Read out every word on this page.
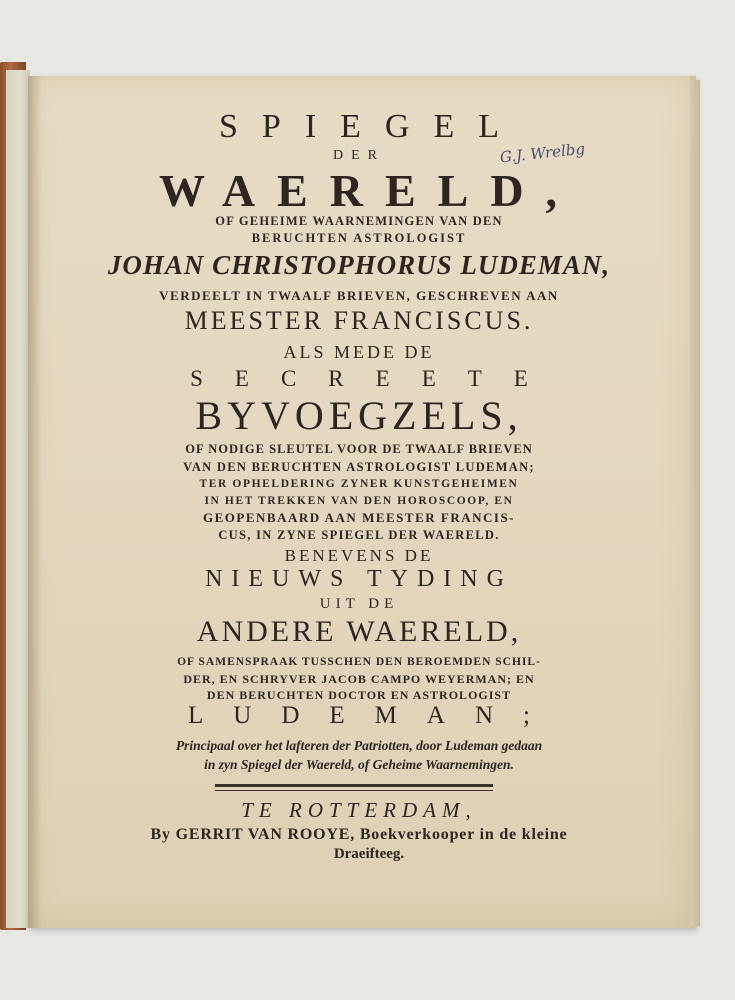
G.J. Wrelbg
SPIEGEL
DER
WAERELD,
OF GEHEIME WAARNEMINGEN VAN DEN
BERUCHTEN ASTROLOGIST
JOHAN CHRISTOPHORUS LUDEMAN,
VERDEELT IN TWAALF BRIEVEN, GESCHREVEN AAN
MEESTER FRANCISCUS.
ALS MEDE DE
SECREETE
BYVOEGZELS,
OF NODIGE SLEUTEL VOOR DE TWAALF BRIEVEN
VAN DEN BERUCHTEN ASTROLOGIST LUDEMAN;
TER OPHELDERING ZYNER KUNSTGEHEIMEN
IN HET TREKKEN VAN DEN HOROSCOOP, EN
GEOPENBAARD AAN MEESTER FRANCIS-
CUS, IN ZYNE SPIEGEL DER WAERELD.
BENEVENS DE
NIEUWS TYDING
UIT DE
ANDERE WAERELD,
OF SAMENSPRAAK TUSSCHEN DEN BEROEMDEN SCHIL-
DER, EN SCHRYVER JACOB CAMPO WEYERMAN; EN
DEN BERUCHTEN DOCTOR EN ASTROLOGIST
LUDEMAN;
Principaal over het lafteren der Patriotten, door Ludeman gedaan
in zyn Spiegel der Waereld, of Geheime Waarnemingen.
TE ROTTERDAM,
By GERRIT VAN ROOYE, Boekverkooper in de kleine
Draeifteeg.
